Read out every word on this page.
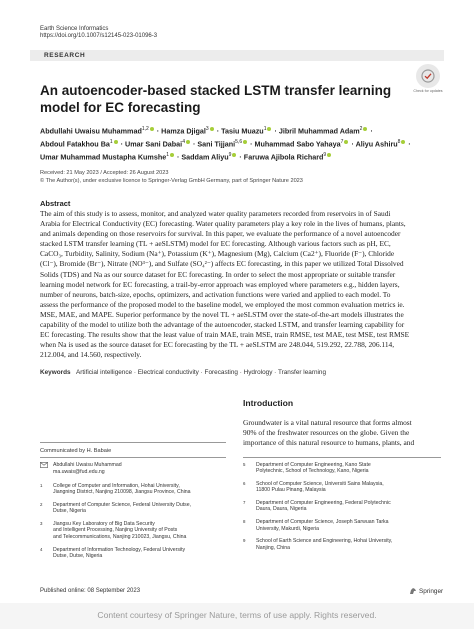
Earth Science Informatics
https://doi.org/10.1007/s12145-023-01096-3
RESEARCH
Check for updates
An autoencoder-based stacked LSTM transfer learning model for EC forecasting
Abdullahi Uwaisu Muhammad$^{1,2}$ · Hamza Djigal$^3$ · Tasiu Muazu$^1$ · Jibril Muhammad Adam$^2$ ·
Abdoul Fatakhou $Ba^1$ · Umar Sani Dabai$^4$ · Sani Tijjani$^{5,6}$ · Muhammad Sabo Yahaya$^7$ · Aliyu Ashiru$^8$ ·
Umar Muhammad Mustapha Kumshe$^1$ · Saddam Aliyu$^9$ · Faruwa Ajibola Richard$^9$
Received: 21 May 2023 / Accepted: 26 August 2023
© The Author(s), under exclusive licence to Springer-Verlag GmbH Germany, part of Springer Nature 2023
Abstract
The aim of this study is to assess, monitor, and analyzed water quality parameters recorded from reservoirs in of Saudi
Arabia for Electrical Conductivity (EC) forecasting. Water quality parameters play a key role in the lives of humans, plants,
and animals depending on those reservoirs for survival. In this paper, we evaluate the performance of a novel autoencoder
stacked LSTM transfer learning (TL + aeSLSTM) model for EC forecasting. Although various factors such as pH, EC,
CaCO₃, Turbidity, Salinity, Sodium (Na⁺), Potassium (K⁺), Magnesium (Mg), Calcium (Ca2⁺), Fluoride (F⁻), Chloride
(Cl⁻), Bromide (Br⁻), Nitrate (NO³⁻), and Sulfate (SO₄²⁻) affects EC forecasting, in this paper we utilized Total Dissolved
Solids (TDS) and Na as our source dataset for EC forecasting. In order to select the most appropriate or suitable transfer
learning model network for EC forecasting, a trail-by-error approach was employed where parameters e.g., hidden layers,
number of neurons, batch-size, epochs, optimizers, and activation functions were varied and applied to each model. To
assess the performance of the proposed model to the baseline model, we employed the most common evaluation metrics ie.
MSE, MAE, and MAPE. Superior performance by the novel TL + aeSLSTM over the state-of-the-art models illustrates the
capability of the model to utilize both the advantage of the autoencoder, stacked LSTM, and transfer learning capability for
EC forecasting. The results show that the least value of train MAE, train MSE, train RMSE, test MAE, test MSE, test RMSE
when Na is used as the source dataset for EC forecasting by the TL + aeSLSTM are 248.044, 519.292, 22.788, 206.114,
212.004, and 14.560, respectively.
Keywords Artificial intelligence · Electrical conductivity · Forecasting · Hydrology · Transfer learning
Introduction
Groundwater is a vital natural resource that forms almost
90% of the freshwater resources on the globe. Given the
importance of this natural resource to humans, plants, and
Communicated by H. Babaie
Abdullahi Uwaisu Muhammad
ma.uwais@fud.edu.ng
1 College of Computer and Information, Hohai University,
Jiangning District, Nanjing 210098, Jiangsu Province, China
2 Department of Computer Science, Federal University Dutse,
Dutse, Nigeria
3 Jiangsu Key Laboratory of Big Data Security
and Intelligent Processing, Nanjing University of Posts
and Telecommunications, Nanjing 210023, Jiangsu, China
4 Department of Information Technology, Federal University
Dutse, Dutse, Nigeria
5 Department of Computer Engineering, Kano State
Polytechnic, School of Technology, Kano, Nigeria
6 School of Computer Science, Universiti Sains Malaysia,
11800 Pulau Pinang, Malaysia
7 Department of Computer Engineering, Federal Polytechnic
Daura, Daura, Nigeria
8 Department of Computer Science, Joseph Sarwuan Tarka
University, Makurdi, Nigeria
9 School of Earth Science and Engineering, Hohai University,
Nanjing, China
Published online: 08 September 2023	Springer
Content courtesy of Springer Nature, terms of use apply. Rights reserved.
